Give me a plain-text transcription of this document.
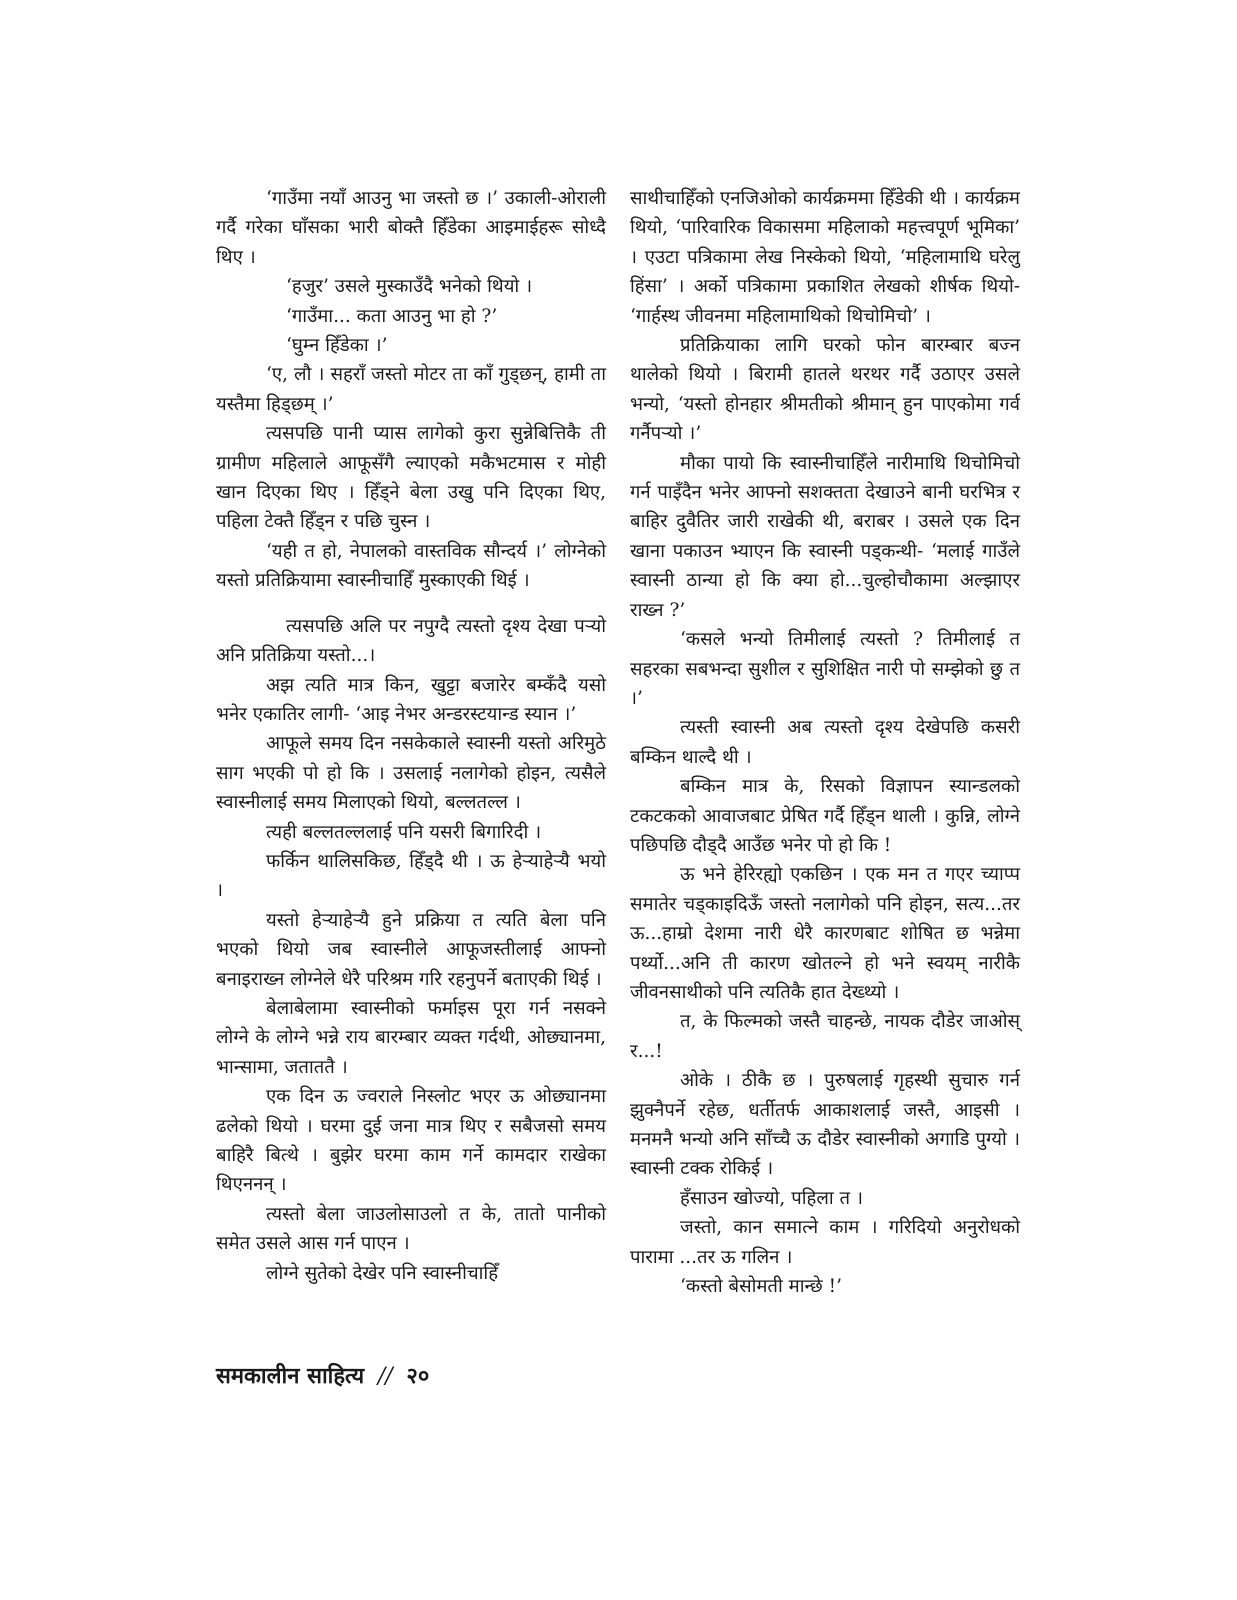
‘गाउँमा नयाँ आउनु भा जस्तो छ ।’ उकाली-ओराली गर्दै गरेका घाँसका भारी बोक्तै हिँडेका आइमाईहरू सोध्दै थिए ।

‘हजुर’ उसले मुस्काउँदै भनेको थियो ।

‘गाउँमा... कता आउनु भा हो ?’

‘घुम्न हिँडेका ।’

‘ए, लौ । सहराँ जस्तो मोटर ता काँ गुड्छन्, हामी ता यस्तैमा हिड्छम् ।’

त्यसपछि पानी प्यास लागेको कुरा सुन्नेबित्तिकै ती ग्रामीण महिलाले आफूसँगै ल्याएको मकैभटमास र मोही खान दिएका थिए । हिँड्ने बेला उखु पनि दिएका थिए, पहिला टेक्तै हिँड्न र पछि चुस्न ।

‘यही त हो, नेपालको वास्तविक सौन्दर्य ।’ लोग्नेको यस्तो प्रतिक्रियामा स्वास्नीचाहिँ मुस्काएकी थिई ।

त्यसपछि अलि पर नपुग्दै त्यस्तो दृश्य देखा पऱ्यो अनि प्रतिक्रिया यस्तो...।

अझ त्यति मात्र किन, खुट्टा बजारेर बम्कँदै यसो भनेर एकातिर लागी- ‘आइ नेभर अन्डरस्टयान्ड स्यान ।’

आफूले समय दिन नसकेकाले स्वास्नी यस्तो अरिमुठे साग भएकी पो हो कि । उसलाई नलागेको होइन, त्यसैले स्वास्नीलाई समय मिलाएको थियो, बल्लतल्ल ।

त्यही बल्लतल्ललाई पनि यसरी बिगारिदी ।

फर्किन थालिसकिछ, हिँड्दै थी । ऊ हेऱ्याहेऱ्यै भयो ।

यस्तो हेऱ्याहेऱ्यै हुने प्रक्रिया त त्यति बेला पनि भएको थियो जब स्वास्नीले आफूजस्तीलाई आफ्नो बनाइराख्न लोग्नेले धेरै परिश्रम गरि रहनुपर्ने बताएकी थिई ।

बेलाबेलामा स्वास्नीको फर्माइस पूरा गर्न नसक्ने लोग्ने के लोग्ने भन्ने राय बारम्बार व्यक्त गर्दथी, ओछ्यानमा, भान्सामा, जताततै ।

एक दिन ऊ ज्वराले निस्लोट भएर ऊ ओछ्यानमा ढलेको थियो । घरमा दुई जना मात्र थिए र सबैजसो समय बाहिरै बित्थे । बुझेर घरमा काम गर्ने कामदार राखेका थिएननन् ।

त्यस्तो बेला जाउलोसाउलो त के, तातो पानीको समेत उसले आस गर्न पाएन ।

लोग्ने सुतेको देखेर पनि स्वास्नीचाहिँ

साथीचाहिँको एनजिओको कार्यक्रममा हिँडेकी थी । कार्यक्रम थियो, ‘पारिवारिक विकासमा महिलाको महत्त्वपूर्ण भूमिका’ । एउटा पत्रिकामा लेख निस्केको थियो, ‘महिलामाथि घरेलु हिंसा’ । अर्को पत्रिकामा प्रकाशित लेखको शीर्षक थियो- ‘गार्हस्थ जीवनमा महिलामाथिको थिचोमिचो’ ।

प्रतिक्रियाका लागि घरको फोन बारम्बार बज्न थालेको थियो । बिरामी हातले थरथर गर्दै उठाएर उसले भन्यो, ‘यस्तो होनहार श्रीमतीको श्रीमान् हुन पाएकोमा गर्व गर्नैपऱ्यो ।’

मौका पायो कि स्वास्नीचाहिँले नारीमाथि थिचोमिचो गर्न पाइँदैन भनेर आफ्नो सशक्तता देखाउने बानी घरभित्र र बाहिर दुवैतिर जारी राखेकी थी, बराबर । उसले एक दिन खाना पकाउन भ्याएन कि स्वास्नी पड्कन्थी- ‘मलाई गाउँले स्वास्नी ठान्या हो कि क्या हो...चुल्होचौकामा अल्झाएर राख्न ?’

‘कसले भन्यो तिमीलाई त्यस्तो ? तिमीलाई त सहरका सबभन्दा सुशील र सुशिक्षित नारी पो सम्झेको छु त ।’

त्यस्ती स्वास्नी अब त्यस्तो दृश्य देखेपछि कसरी बम्किन थाल्दै थी ।

बम्किन मात्र के, रिसको विज्ञापन स्यान्डलको टकटकको आवाजबाट प्रेषित गर्दै हिँड्न थाली । कुन्नि, लोग्ने पछिपछि दौड्दै आउँछ भनेर पो हो कि !

ऊ भने हेरिरह्यो एकछिन । एक मन त गएर च्याप्प समातेर चड्काइदिऊँ जस्तो नलागेको पनि होइन, सत्य...तर ऊ...हाम्रो देशमा नारी धेरै कारणबाट शोषित छ भन्नेमा पर्थ्यो...अनि ती कारण खोतल्ने हो भने स्वयम् नारीकै जीवनसाथीको पनि त्यतिकै हात देख्थ्यो ।

त, के फिल्मको जस्तै चाहन्छे, नायक दौडेर जाओस् र...!

ओके । ठीकै छ । पुरुषलाई गृहस्थी सुचारु गर्न झुक्नैपर्ने रहेछ, धर्तीतर्फ आकाशलाई जस्तै, आइसी । मनमनै भन्यो अनि साँच्चै ऊ दौडेर स्वास्नीको अगाडि पुग्यो । स्वास्नी टक्क रोकिई ।

हँसाउन खोज्यो, पहिला त ।

जस्तो, कान समात्ने काम । गरिदियो अनुरोधको पारामा ...तर ऊ गलिन ।

‘कस्तो बेसोमती मान्छे !’

समकालीन साहित्य // २०
